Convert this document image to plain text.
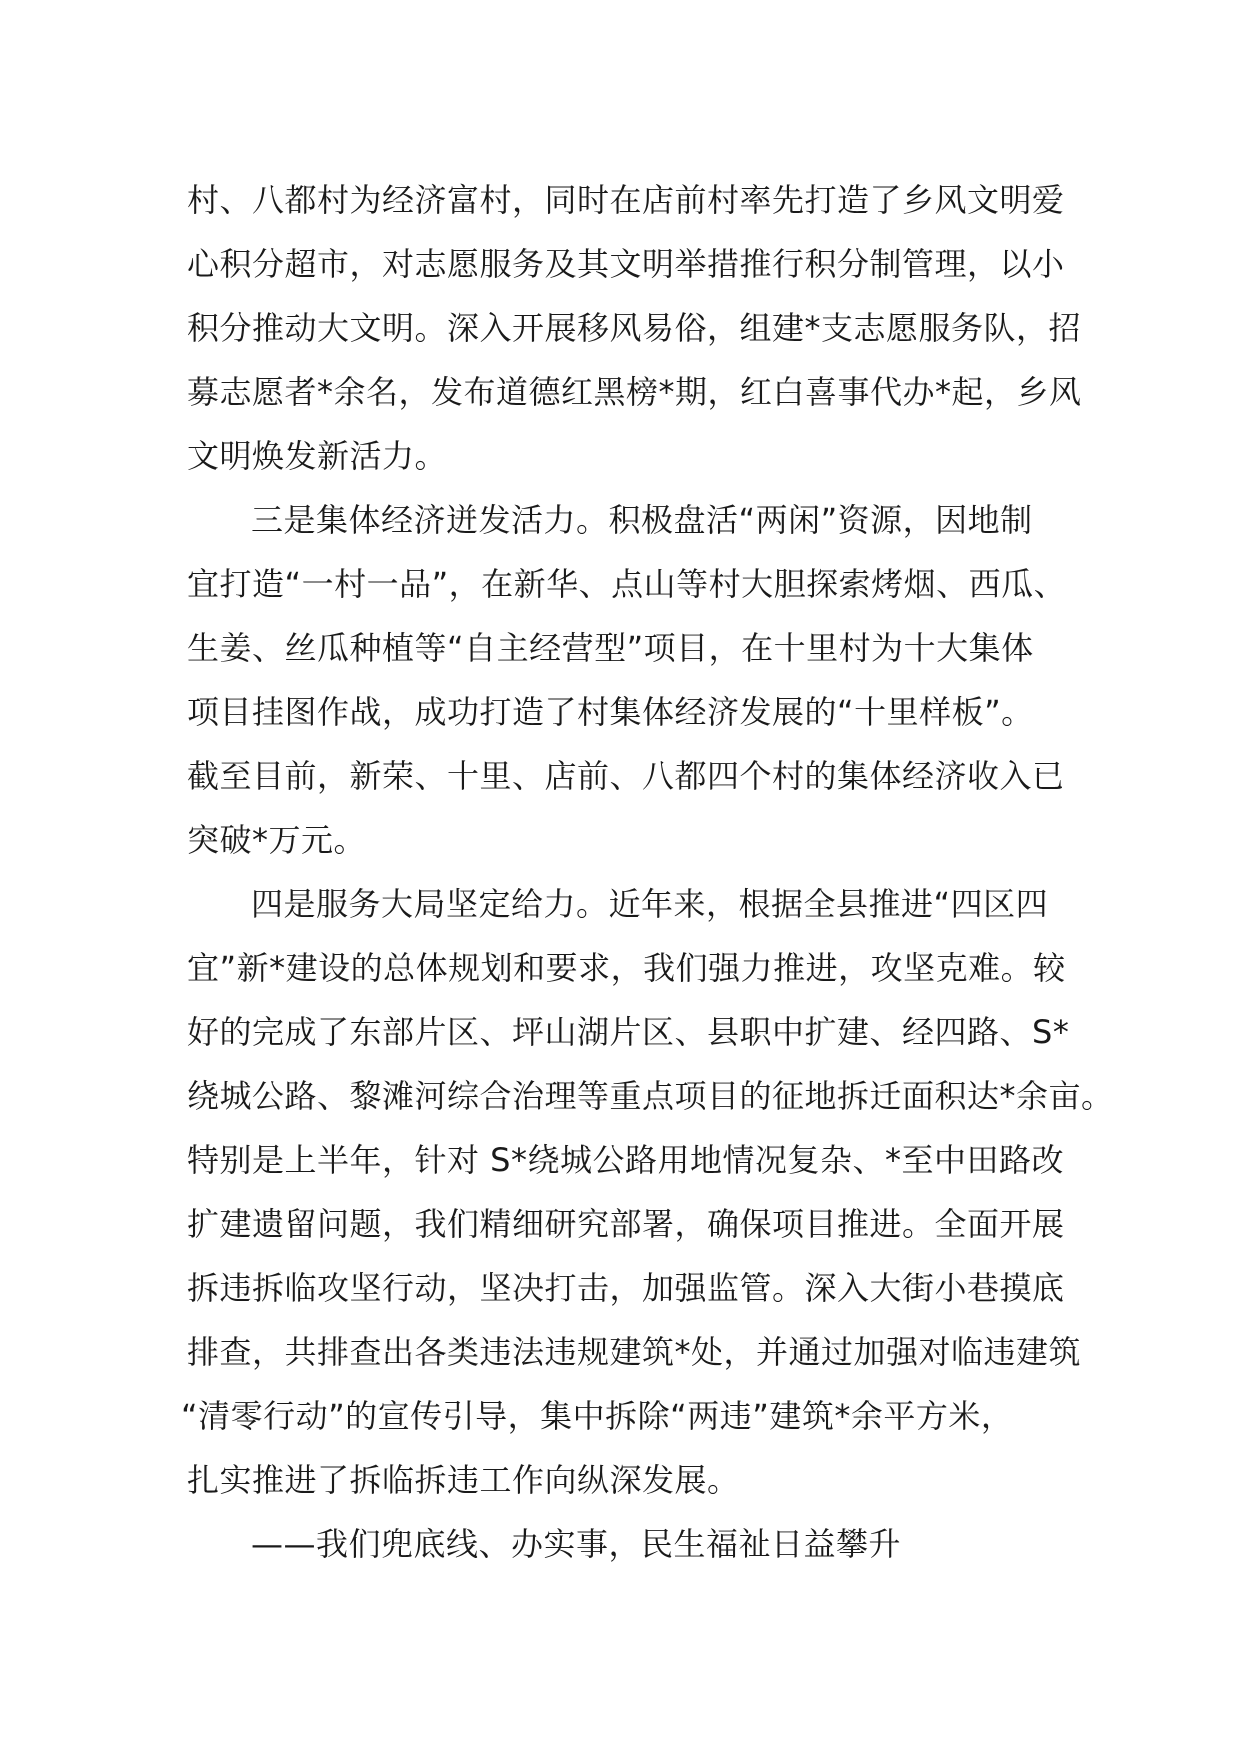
村、八都村为经济富村，同时在店前村率先打造了乡风文明爱
心积分超市，对志愿服务及其文明举措推行积分制管理，以小
积分推动大文明。深入开展移风易俗，组建*支志愿服务队，招
募志愿者*余名，发布道德红黑榜*期，红白喜事代办*起，乡风
文明焕发新活力。
三是集体经济迸发活力。积极盘活“两闲”资源，因地制
宜打造“一村一品”，在新华、点山等村大胆探索烤烟、西瓜、
生姜、丝瓜种植等“自主经营型”项目，在十里村为十大集体
项目挂图作战，成功打造了村集体经济发展的“十里样板”。
截至目前，新荣、十里、店前、八都四个村的集体经济收入已
突破*万元。
四是服务大局坚定给力。近年来，根据全县推进“四区四
宜”新*建设的总体规划和要求，我们强力推进，攻坚克难。较
好的完成了东部片区、坪山湖片区、县职中扩建、经四路、S*
绕城公路、黎滩河综合治理等重点项目的征地拆迁面积达*余亩。
特别是上半年，针对 S*绕城公路用地情况复杂、*至中田路改
扩建遗留问题，我们精细研究部署，确保项目推进。全面开展
拆违拆临攻坚行动，坚决打击，加强监管。深入大街小巷摸底
排查，共排查出各类违法违规建筑*处，并通过加强对临违建筑
“清零行动”的宣传引导，集中拆除“两违”建筑*余平方米，
扎实推进了拆临拆违工作向纵深发展。
——我们兜底线、办实事，民生福祉日益攀升
